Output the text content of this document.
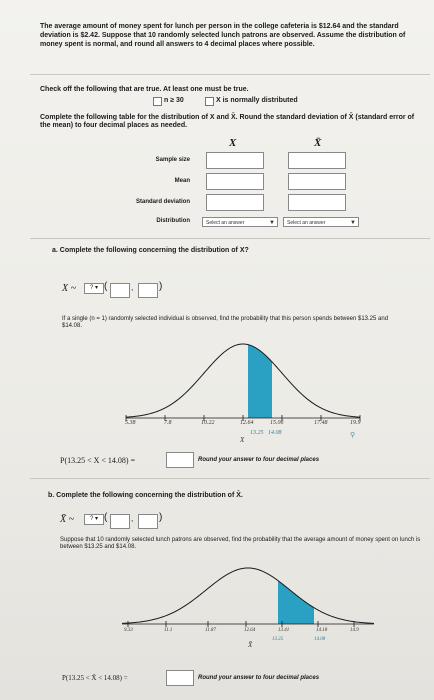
The average amount of money spent for lunch per person in the college cafeteria is $12.64 and the standard deviation is $2.42. Suppose that 10 randomly selected lunch patrons are observed. Assume the distribution of money spent is normal, and round all answers to 4 decimal places where possible.
Check off the following that are true. At least one must be true.
n ≥ 30	X is normally distributed
Complete the following table for the distribution of X and X̄. Round the standard deviation of X̄ (standard error of the mean) to four decimal places as needed.
X	X̄
Sample size
Mean
Standard deviation
Distribution	Select an answer	▼	Select an answer	▼
a. Complete the following concerning the distribution of X?
X ~	? ▾ (	,	)
If a single (n = 1) randomly selected individual is observed, find the probability that this person spends between $13.25 and $14.08.
5.38	7.8	10.22	12.64	15.06	17.48	19.9
13.25 14.08
X
⚲
P(13.25 < X < 14.08) =	Round your answer to four decimal places
b. Complete the following concerning the distribution of X̄.
X̄ ~	? ▾ (	,	)
Suppose that 10 randomly selected lunch patrons are observed, find the probability that the average amount of money spent on lunch is between $13.25 and $14.08.
9.33	11.1	11.87	12.64	13.41	14.18	14.9
13.25	14.08
X̄
P(13.25 < X̄ < 14.08) =	Round your answer to four decimal places
